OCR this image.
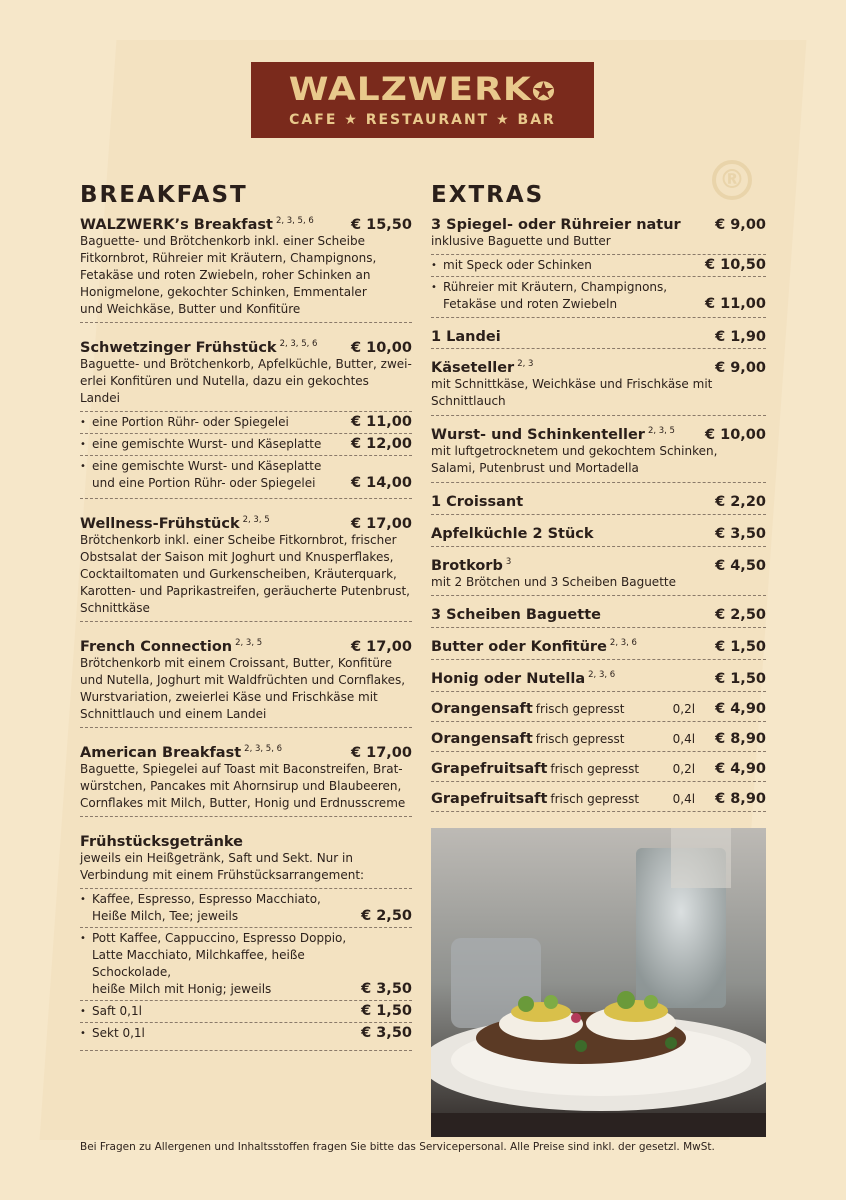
WALZWERK✪
CAFE ★ RESTAURANT ★ BAR
®
BREAKFAST
WALZWERK’s Breakfast $^{2, 3, 5, 6}$	€ 15,50
Baguette- und Brötchenkorb inkl. einer Scheibe
Fitkornbrot, Rühreier mit Kräutern, Champignons,
Fetakäse und roten Zwiebeln, roher Schinken an
Honigmelone, gekochter Schinken, Emmentaler
und Weichkäse, Butter und Konfitüre
Schwetzinger Frühstück $^{2, 3, 5, 6}$ € 10,00
Baguette- und Brötchenkorb, Apfelküchle, Butter, zwei-
erlei Konfitüren und Nutella, dazu ein gekochtes Landei
• eine Portion Rühr- oder Spiegelei	€ 11,00
• eine gemischte Wurst- und Käseplatte € 12,00
• eine gemischte Wurst- und Käseplatte
und eine Portion Rühr- oder Spiegelei	€ 14,00
Wellness-Frühstück $^{2, 3, 5}$	€ 17,00
Brötchenkorb inkl. einer Scheibe Fitkornbrot, frischer
Obstsalat der Saison mit Joghurt und Knusperflakes,
Cocktailtomaten und Gurkenscheiben, Kräuterquark,
Karotten- und Paprikastreifen, geräucherte Putenbrust,
Schnittkäse
French Connection $^{2, 3, 5}$	€ 17,00
Brötchenkorb mit einem Croissant, Butter, Konfitüre
und Nutella, Joghurt mit Waldfrüchten und Cornflakes,
Wurstvariation, zweierlei Käse und Frischkäse mit
Schnittlauch und einem Landei
American Breakfast $^{2, 3, 5, 6}$	€ 17,00
Baguette, Spiegelei auf Toast mit Baconstreifen, Brat-
würstchen, Pancakes mit Ahornsirup und Blaubeeren,
Cornflakes mit Milch, Butter, Honig und Erdnusscreme
Frühstücksgetränke
jeweils ein Heißgetränk, Saft und Sekt. Nur in
Verbindung mit einem Frühstücksarrangement:
• Kaffee, Espresso, Espresso Macchiato,
Heiße Milch, Tee; jeweils	€ 2,50
• Pott Kaffee, Cappuccino, Espresso Doppio,
Latte Macchiato, Milchkaffee, heiße Schockolade,
heiße Milch mit Honig; jeweils	€ 3,50
• Saft 0,1l	€ 1,50
• Sekt 0,1l	€ 3,50
EXTRAS
3 Spiegel- oder Rühreier natur € 9,00
inklusive Baguette und Butter
• mit Speck oder Schinken	€ 10,50
• Rühreier mit Kräutern, Champignons,
Fetakäse und roten Zwiebeln	€ 11,00
1 Landei	€ 1,90
Käseteller $^{2, 3}$	€ 9,00
mit Schnittkäse, Weichkäse und Frischkäse mit
Schnittlauch
Wurst- und Schinkenteller $^{2, 3, 5}$ € 10,00
mit luftgetrocknetem und gekochtem Schinken,
Salami, Putenbrust und Mortadella
1 Croissant	€ 2,20
Apfelküchle 2 Stück	€ 3,50
Brotkorb $^3$	€ 4,50
mit 2 Brötchen und 3 Scheiben Baguette
3 Scheiben Baguette	€ 2,50
Butter oder Konfitüre $^{2, 3, 6}$	€ 1,50
Honig oder Nutella $^{2, 3, 6}$	€ 1,50
Orangensaft frisch gepresst	0,2l € 4,90
Orangensaft frisch gepresst	0,4l € 8,90
Grapefruitsaft frisch gepresst	0,2l € 4,90
Grapefruitsaft frisch gepresst	0,4l € 8,90
Bei Fragen zu Allergenen und Inhaltsstoffen fragen Sie bitte das Servicepersonal. Alle Preise sind inkl. der gesetzl. MwSt.
